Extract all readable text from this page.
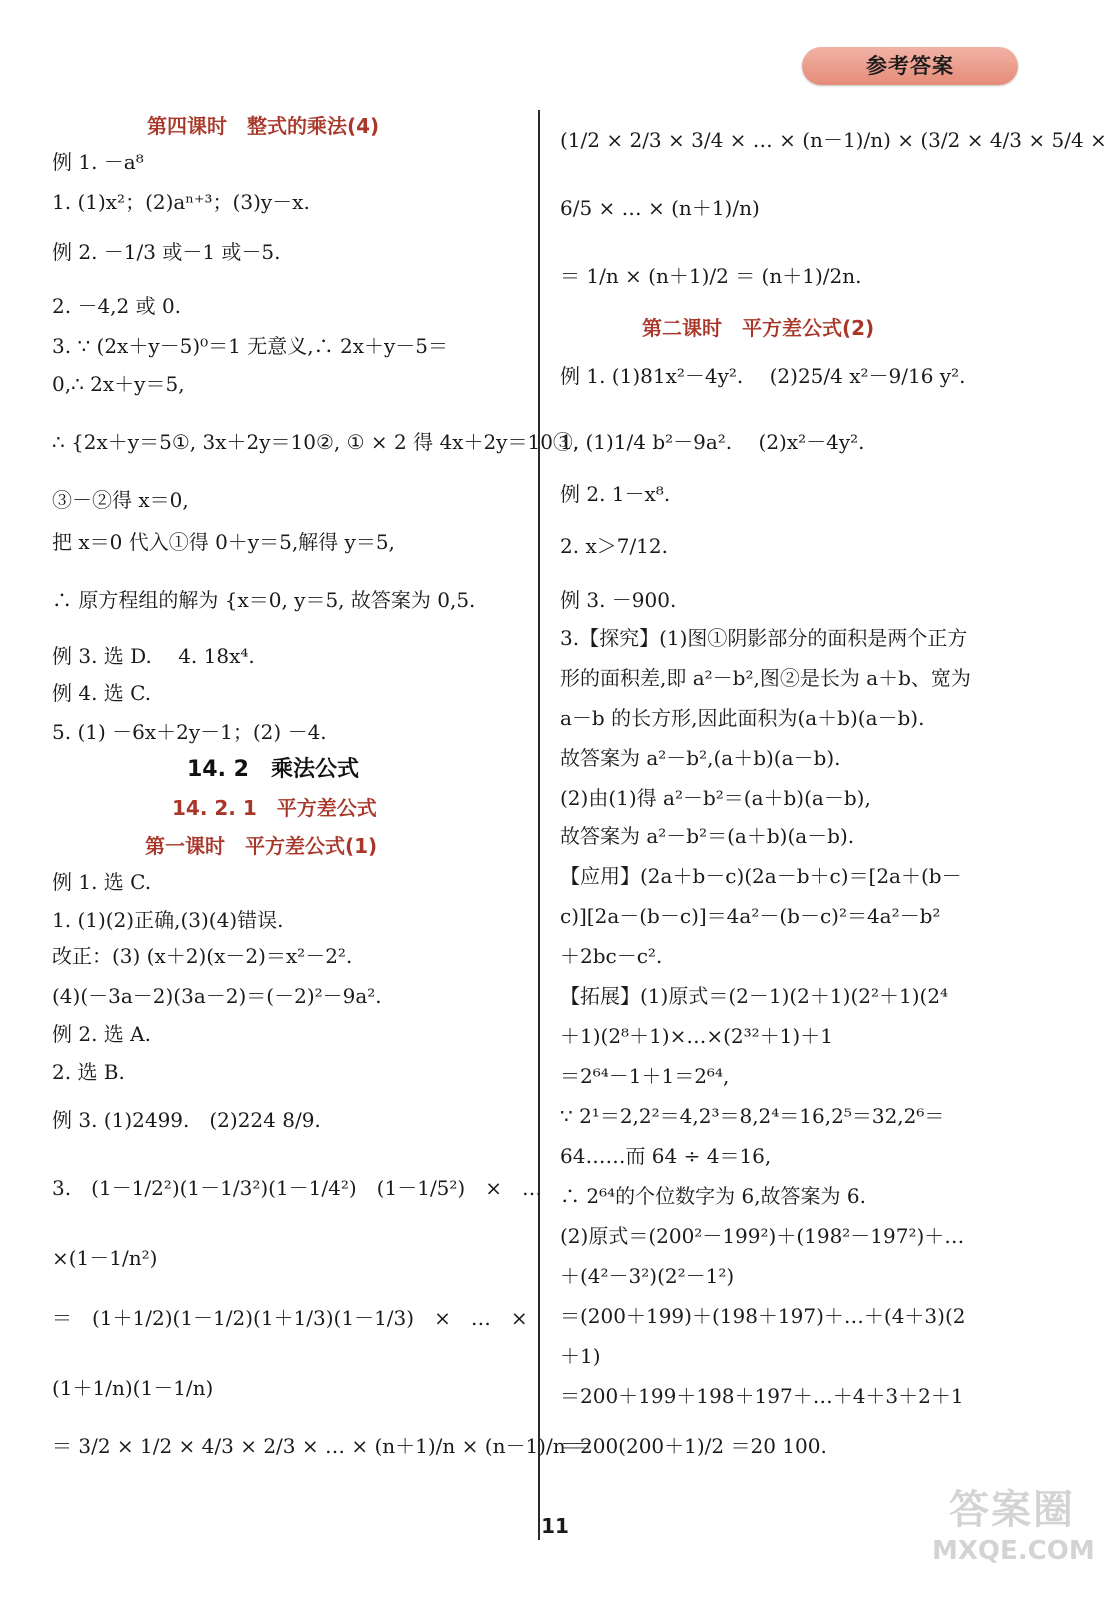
参考答案
第四课时　整式的乘法(4)
例 1. －a⁸
1. (1)x²；(2)aⁿ⁺³；(3)y－x.
例 2. －1/3 或－1 或－5.
2. －4,2 或 0.
3. ∵ (2x＋y－5)⁰＝1 无意义,∴ 2x＋y－5＝
0,∴ 2x＋y＝5,
∴ {2x＋y＝5①, 3x＋2y＝10②, ① × 2 得 4x＋2y＝10③,
③－②得 x＝0,
把 x＝0 代入①得 0＋y＝5,解得 y＝5,
∴ 原方程组的解为 {x＝0, y＝5, 故答案为 0,5.
例 3. 选 D.　 4. 18x⁴.
例 4. 选 C.
5. (1) －6x＋2y－1；(2) －4.
14. 2　乘法公式
14. 2. 1　平方差公式
第一课时　平方差公式(1)
例 1. 选 C.
1. (1)(2)正确,(3)(4)错误.
改正：(3) (x＋2)(x－2)＝x²－2².
(4)(－3a－2)(3a－2)＝(－2)²－9a².
例 2. 选 A.
2. 选 B.
例 3. (1)2499.　(2)224 8/9.
3.　(1－1/2²)(1－1/3²)(1－1/4²)　(1－1/5²)　×　…
×(1－1/n²)
＝　(1＋1/2)(1－1/2)(1＋1/3)(1－1/3)　×　…　×
(1＋1/n)(1－1/n)
＝ 3/2 × 1/2 × 4/3 × 2/3 × … × (n＋1)/n × (n－1)/n ＝
(1/2 × 2/3 × 3/4 × … × (n－1)/n) × (3/2 × 4/3 × 5/4 ×
6/5 × … × (n＋1)/n)
＝ 1/n × (n＋1)/2 ＝ (n＋1)/2n.
第二课时　平方差公式(2)
例 1. (1)81x²－4y².　 (2)25/4 x²－9/16 y².
1. (1)1/4 b²－9a².　 (2)x²－4y².
例 2. 1－x⁸.
2. x＞7/12.
例 3. －900.
3.【探究】(1)图①阴影部分的面积是两个正方
形的面积差,即 a²－b²,图②是长为 a＋b、宽为
a－b 的长方形,因此面积为(a＋b)(a－b).
故答案为 a²－b²,(a＋b)(a－b).
(2)由(1)得 a²－b²＝(a＋b)(a－b),
故答案为 a²－b²＝(a＋b)(a－b).
【应用】(2a＋b－c)(2a－b＋c)＝[2a＋(b－
c)][2a－(b－c)]＝4a²－(b－c)²＝4a²－b²
＋2bc－c².
【拓展】(1)原式＝(2－1)(2＋1)(2²＋1)(2⁴
＋1)(2⁸＋1)×…×(2³²＋1)＋1
＝2⁶⁴－1＋1＝2⁶⁴,
∵ 2¹＝2,2²＝4,2³＝8,2⁴＝16,2⁵＝32,2⁶＝
64……而 64 ÷ 4＝16,
∴ 2⁶⁴的个位数字为 6,故答案为 6.
(2)原式＝(200²－199²)＋(198²－197²)＋…
＋(4²－3²)(2²－1²)
＝(200＋199)＋(198＋197)＋…＋(4＋3)(2
＋1)
＝200＋199＋198＋197＋…＋4＋3＋2＋1
＝200(200＋1)/2 ＝20 100.
11	答案圈
MXQE.COM
